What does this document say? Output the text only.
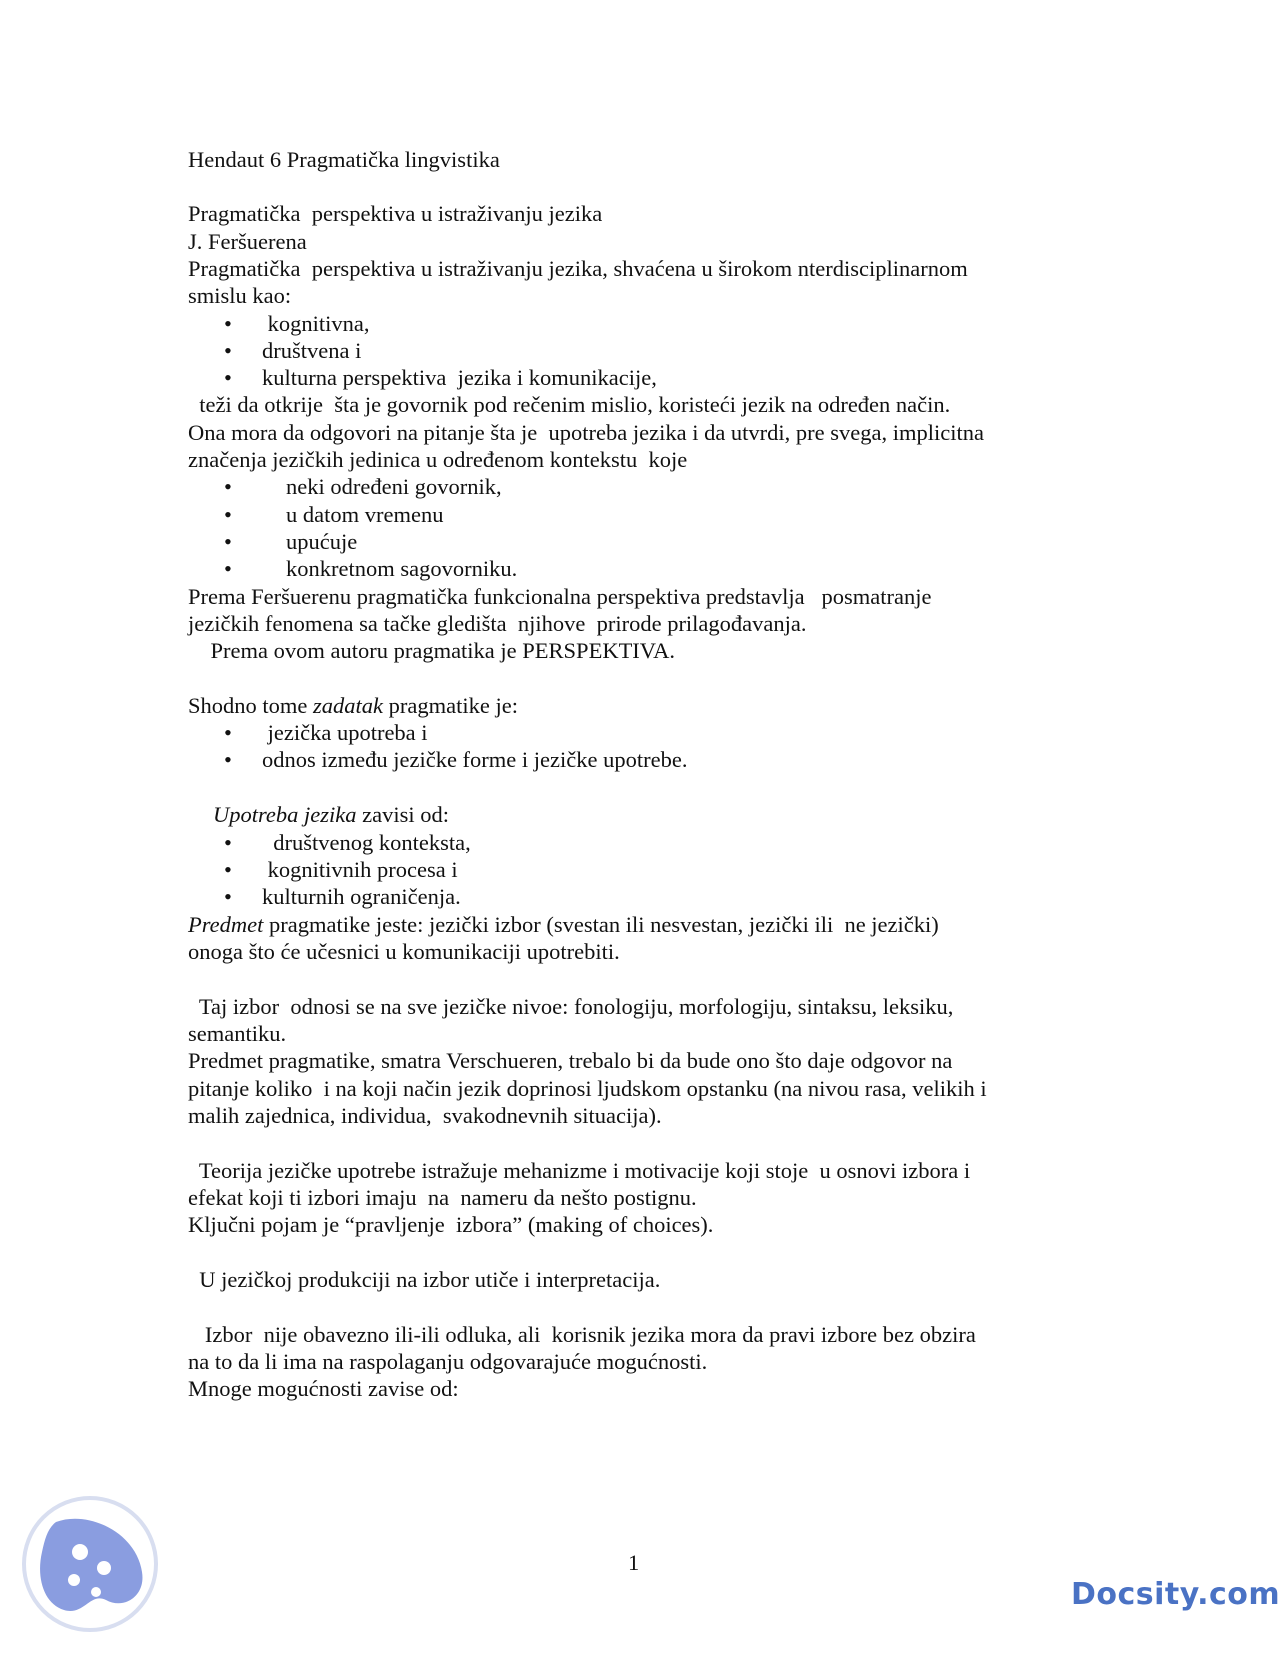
Hendaut 6 Pragmatička lingvistika

Pragmatička  perspektiva u istraživanju jezika

J. Feršuerena

Pragmatička  perspektiva u istraživanju jezika, shvaćena u širokom nterdisciplinarnom

smislu kao:

• kognitivna,
• društvena i
• kulturna perspektiva  jezika i komunikacije,

teži da otkrije  šta je govornik pod rečenim mislio, koristeći jezik na određen način.

Ona mora da odgovori na pitanje šta je  upotreba jezika i da utvrdi, pre svega, implicitna

značenja jezičkih jedinica u određenom kontekstu  koje

• neki određeni govornik,
• u datom vremenu
• upućuje
• konkretnom sagovorniku.

Prema Feršuerenu pragmatička funkcionalna perspektiva predstavlja   posmatranje

jezičkih fenomena sa tačke gledišta  njihove  prirode prilagođavanja.

Prema ovom autoru pragmatika je PERSPEKTIVA.

Shodno tome zadatak pragmatike je:

• jezička upotreba i
• odnos između jezičke forme i jezičke upotrebe.

Upotreba jezika zavisi od:

•  društvenog konteksta,
• kognitivnih procesa i
• kulturnih ograničenja.

Predmet pragmatike jeste: jezički izbor (svestan ili nesvestan, jezički ili  ne jezički)

onoga što će učesnici u komunikaciji upotrebiti.

Taj izbor  odnosi se na sve jezičke nivoe: fonologiju, morfologiju, sintaksu, leksiku,

semantiku.

Predmet pragmatike, smatra Verschueren, trebalo bi da bude ono što daje odgovor na

pitanje koliko  i na koji način jezik doprinosi ljudskom opstanku (na nivou rasa, velikih i

malih zajednica, individua,  svakodnevnih situacija).

Teorija jezičke upotrebe istražuje mehanizme i motivacije koji stoje  u osnovi izbora i

efekat koji ti izbori imaju  na  nameru da nešto postignu.

Ključni pojam je “pravljenje  izbora” (making of choices).

U jezičkoj produkciji na izbor utiče i interpretacija.

Izbor  nije obavezno ili-ili odluka, ali  korisnik jezika mora da pravi izbore bez obzira

na to da li ima na raspolaganju odgovarajuće mogućnosti.

Mnoge mogućnosti zavise od:

1
Docsity.com
